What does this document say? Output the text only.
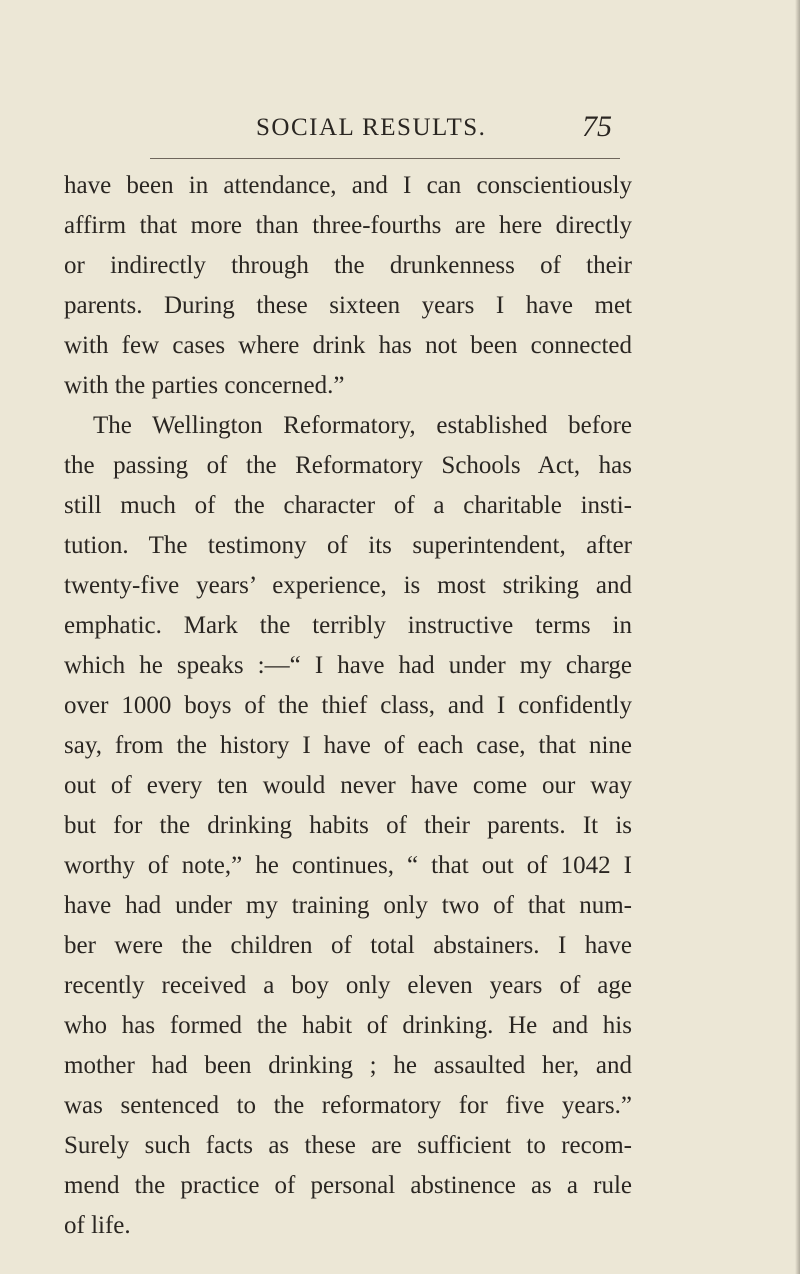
SOCIAL RESULTS.	75
have been in attendance, and I can conscientiously
affirm that more than three-fourths are here directly
or indirectly through the drunkenness of their
parents. During these sixteen years I have met
with few cases where drink has not been connected
with the parties concerned.”
The Wellington Reformatory, established before
the passing of the Reformatory Schools Act, has
still much of the character of a charitable insti-
tution. The testimony of its superintendent, after
twenty-five years’ experience, is most striking and
emphatic. Mark the terribly instructive terms in
which he speaks :—“ I have had under my charge
over 1000 boys of the thief class, and I confidently
say, from the history I have of each case, that nine
out of every ten would never have come our way
but for the drinking habits of their parents. It is
worthy of note,” he continues, “ that out of 1042 I
have had under my training only two of that num-
ber were the children of total abstainers. I have
recently received a boy only eleven years of age
who has formed the habit of drinking. He and his
mother had been drinking ; he assaulted her, and
was sentenced to the reformatory for five years.”
Surely such facts as these are sufficient to recom-
mend the practice of personal abstinence as a rule
of life.
